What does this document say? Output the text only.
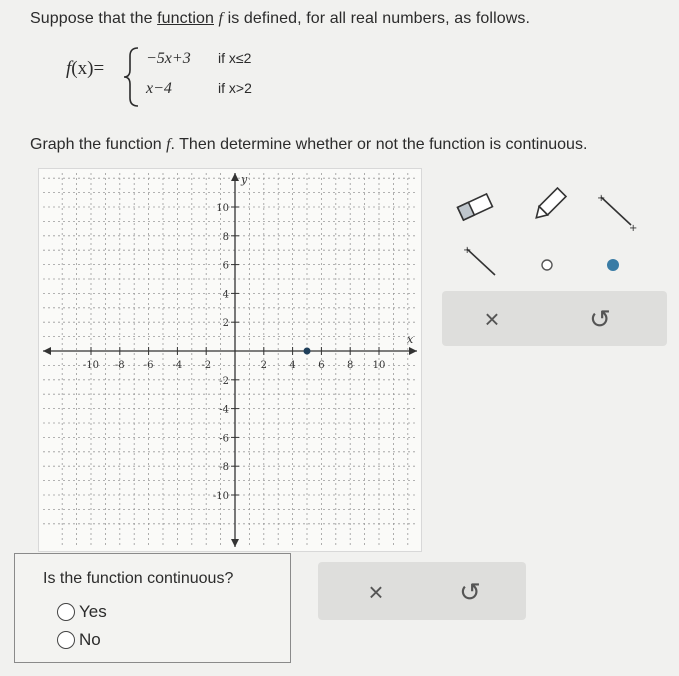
Suppose that the function f is defined, for all real numbers, as follows.
f(x)=	−5x+3 if x≤2
x−4	if x>2
Graph the function f. Then determine whether or not the function is continuous.
-10 -8 -6 -4 -2	2 4 6 8 10
10
8
6
4
2
-2
-4
-6
-8
-10
x
y
+
+
+
×	↺
Is the function continuous?
Yes
No
×	↺
